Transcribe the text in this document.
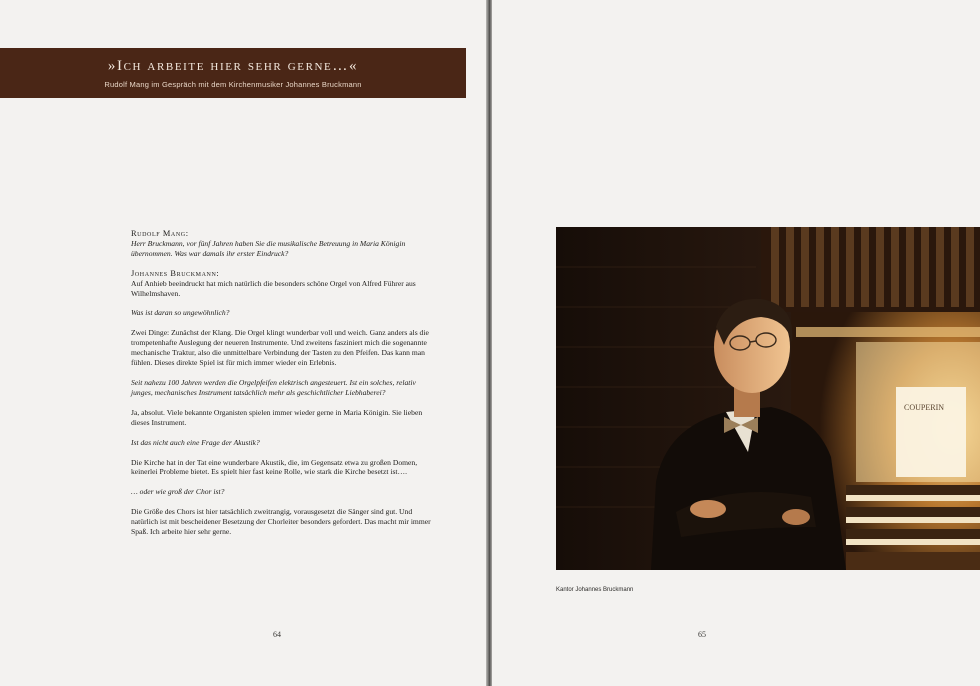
»Ich arbeite hier sehr gerne…«
Rudolf Mang im Gespräch mit dem Kirchenmusiker Johannes Bruckmann

Rudolf Mang:
Herr Bruckmann, vor fünf Jahren haben Sie die musikalische Betreuung in Maria Königin übernommen. Was war damals ihr erster Eindruck?

Johannes Bruckmann:
Auf Anhieb beeindruckt hat mich natürlich die besonders schöne Orgel von Alfred Führer aus Wilhelmshaven.

Was ist daran so ungewöhnlich?

Zwei Dinge: Zunächst der Klang. Die Orgel klingt wunderbar voll und weich. Ganz anders als die trompetenhafte Auslegung der neueren Instrumente. Und zweitens fasziniert mich die sogenannte mechanische Traktur, also die unmittelbare Verbindung der Tasten zu den Pfeifen. Das kann man fühlen. Dieses direkte Spiel ist für mich immer wieder ein Erlebnis.

Seit nahezu 100 Jahren werden die Orgelpfeifen elektrisch angesteuert. Ist ein solches, relativ junges, mechanisches Instrument tatsächlich mehr als geschichtlicher Liebhaberei?

Ja, absolut. Viele bekannte Organisten spielen immer wieder gerne in Maria Königin. Sie lieben dieses Instrument.

Ist das nicht auch eine Frage der Akustik?

Die Kirche hat in der Tat eine wunderbare Akustik, die, im Gegensatz etwa zu großen Domen, keinerlei Probleme bietet. Es spielt hier fast keine Rolle, wie stark die Kirche besetzt ist….

… oder wie groß der Chor ist?

Die Größe des Chors ist hier tatsächlich zweitrangig, vorausgesetzt die Sänger sind gut. Und natürlich ist mit bescheidener Besetzung der Chorleiter besonders gefordert. Das macht mir immer Spaß. Ich arbeite hier sehr gerne.

64	65
COUPERIN
Kantor Johannes Bruckmann
